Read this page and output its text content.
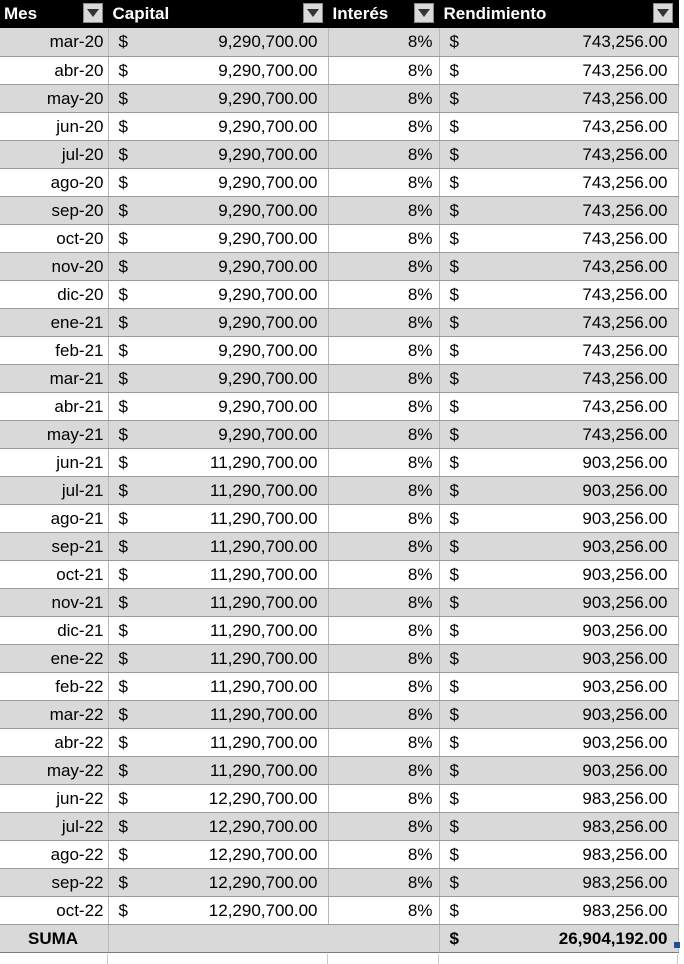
Mes	Capital	Interés	Rendimiento

mar-20	$ 9,290,700.00	8%	$ 743,256.00

abr-20	$ 9,290,700.00	8%	$ 743,256.00

may-20	$ 9,290,700.00	8%	$ 743,256.00

jun-20	$ 9,290,700.00	8%	$ 743,256.00

jul-20	$ 9,290,700.00	8%	$ 743,256.00

ago-20	$ 9,290,700.00	8%	$ 743,256.00

sep-20	$ 9,290,700.00	8%	$ 743,256.00

oct-20	$ 9,290,700.00	8%	$ 743,256.00

nov-20	$ 9,290,700.00	8%	$ 743,256.00

dic-20	$ 9,290,700.00	8%	$ 743,256.00

ene-21	$ 9,290,700.00	8%	$ 743,256.00

feb-21	$ 9,290,700.00	8%	$ 743,256.00

mar-21	$ 9,290,700.00	8%	$ 743,256.00

abr-21	$ 9,290,700.00	8%	$ 743,256.00

may-21	$ 9,290,700.00	8%	$ 743,256.00

jun-21	$ 11,290,700.00	8%	$ 903,256.00

jul-21	$ 11,290,700.00	8%	$ 903,256.00

ago-21	$ 11,290,700.00	8%	$ 903,256.00

sep-21	$ 11,290,700.00	8%	$ 903,256.00

oct-21	$ 11,290,700.00	8%	$ 903,256.00

nov-21	$ 11,290,700.00	8%	$ 903,256.00

dic-21	$ 11,290,700.00	8%	$ 903,256.00

ene-22	$ 11,290,700.00	8%	$ 903,256.00

feb-22	$ 11,290,700.00	8%	$ 903,256.00

mar-22	$ 11,290,700.00	8%	$ 903,256.00

abr-22	$ 11,290,700.00	8%	$ 903,256.00

may-22	$ 11,290,700.00	8%	$ 903,256.00

jun-22	$ 12,290,700.00	8%	$ 983,256.00

jul-22	$ 12,290,700.00	8%	$ 983,256.00

ago-22	$ 12,290,700.00	8%	$ 983,256.00

sep-22	$ 12,290,700.00	8%	$ 983,256.00

oct-22	$ 12,290,700.00	8%	$ 983,256.00

SUMA			$ 26,904,192.00
